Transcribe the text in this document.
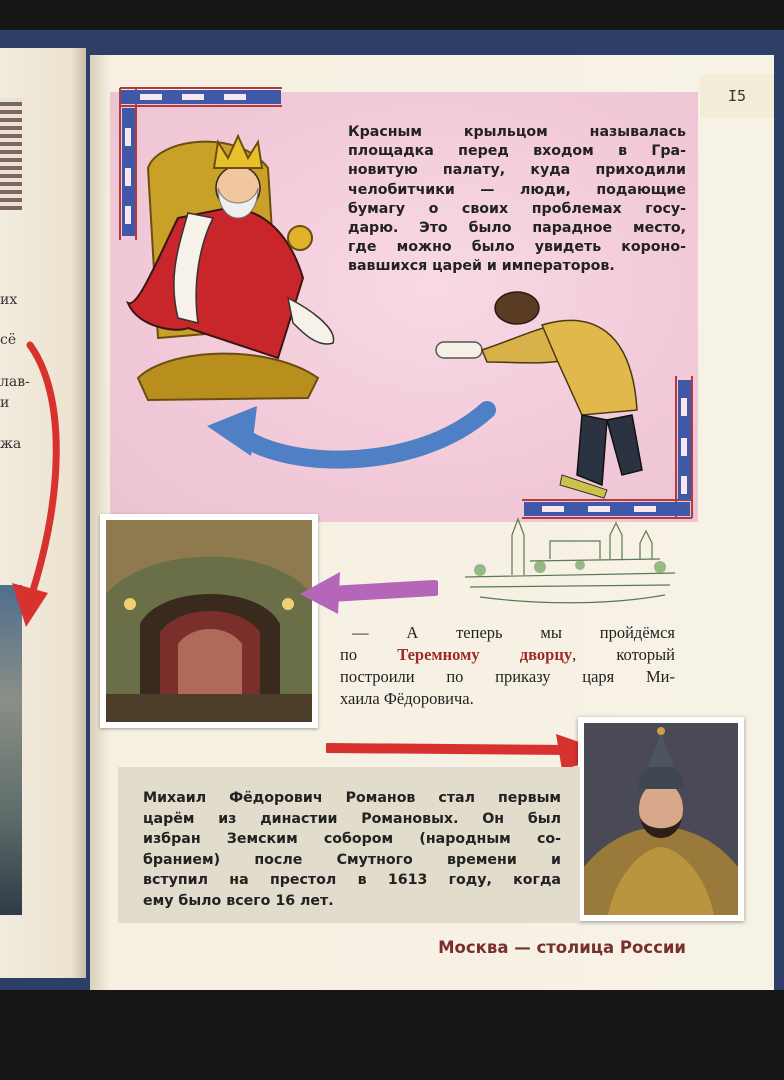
их
сё
лав-
и
жа
I5
Красным крыльцом называлась
площадка перед входом в Гра-
новитую палату, куда приходили
челобитчики — люди, подающие
бумагу о своих проблемах госу-
дарю. Это было парадное место,
где можно было увидеть короно-
вавшихся царей и императоров.
— А теперь мы пройдёмся
по Теремному дворцу, который
построили по приказу царя Ми-
хаила Фёдоровича.
Михаил Фёдорович Романов стал первым
царём из династии Романовых. Он был
избран Земским собором (народным со-
бранием) после Смутного времени и
вступил на престол в 1613 году, когда
ему было всего 16 лет.
Москва — столица России
